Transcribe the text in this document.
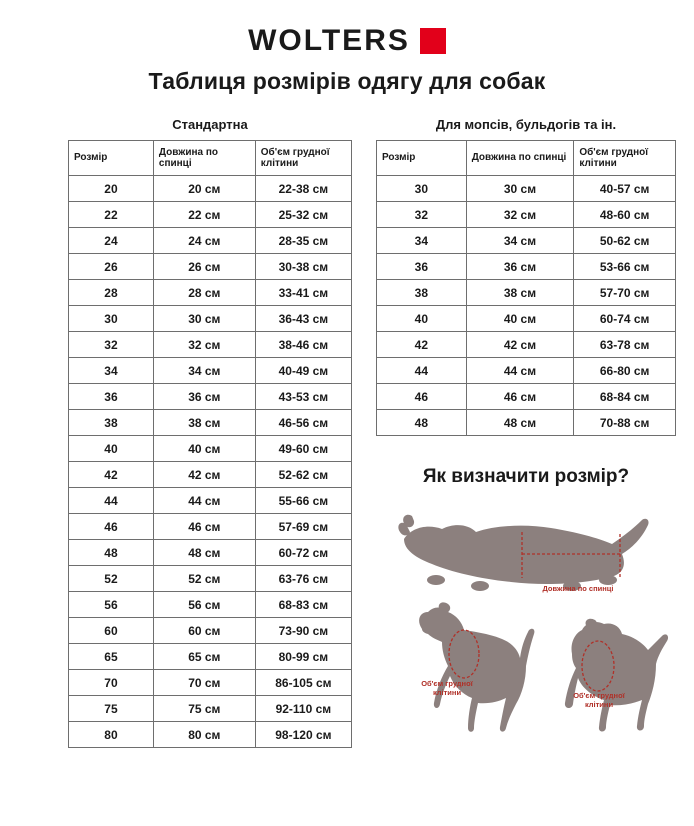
WOLTERS
Таблиця розмірів одягу для собак
Стандартна
Розмір	Довжина по спинці	Об'єм грудної клітини
20	20 см	22-38 см
22	22 см	25-32 см
24	24 см	28-35 см
26	26 см	30-38 см
28	28 см	33-41 см
30	30 см	36-43 см
32	32 см	38-46 см
34	34 см	40-49 см
36	36 см	43-53 см
38	38 см	46-56 см
40	40 см	49-60 см
42	42 см	52-62 см
44	44 см	55-66 см
46	46 см	57-69 см
48	48 см	60-72 см
52	52 см	63-76 см
56	56 см	68-83 см
60	60 см	73-90 см
65	65 см	80-99 см
70	70 см	86-105 см
75	75 см	92-110 см
80	80 см	98-120 см
Для мопсів, бульдогів та ін.
Розмір	Довжина по спинці	Об'єм грудної клітини
30	30 см	40-57 см
32	32 см	48-60 см
34	34 см	50-62 см
36	36 см	53-66 см
38	38 см	57-70 см
40	40 см	60-74 см
42	42 см	63-78 см
44	44 см	66-80 см
46	46 см	68-84 см
48	48 см	70-88 см
Як визначити розмір?
Довжина по спинці
Об'єм грудної клітини	Об'єм грудної клітини
